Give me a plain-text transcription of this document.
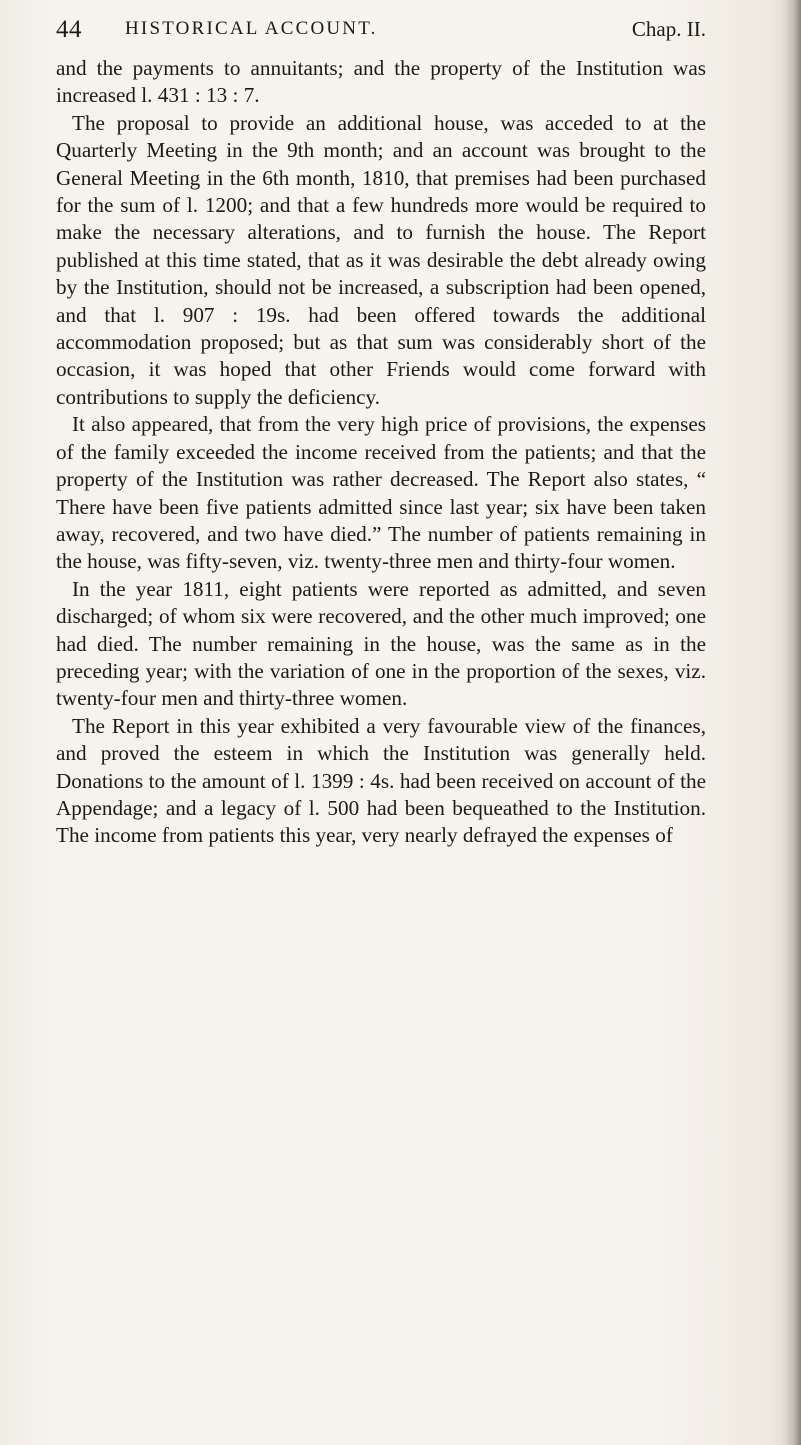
44 HISTORICAL ACCOUNT.	Chap. II.

and the payments to annuitants; and the property of the Institution was increased l. 431 : 13 : 7.

The proposal to provide an additional house, was acceded to at the Quarterly Meeting in the 9th month; and an account was brought to the General Meeting in the 6th month, 1810, that premises had been purchased for the sum of l. 1200; and that a few hundreds more would be required to make the necessary alterations, and to furnish the house. The Report published at this time stated, that as it was desirable the debt already owing by the Institution, should not be increased, a subscription had been opened, and that l. 907 : 19s. had been offered towards the additional accommodation proposed; but as that sum was considerably short of the occasion, it was hoped that other Friends would come forward with contributions to supply the deficiency.

It also appeared, that from the very high price of provisions, the expenses of the family exceeded the income received from the patients; and that the property of the Institution was rather decreased. The Report also states, “ There have been five patients admitted since last year; six have been taken away, recovered, and two have died.” The number of patients remaining in the house, was fifty-seven, viz. twenty-three men and thirty-four women.

In the year 1811, eight patients were reported as admitted, and seven discharged; of whom six were recovered, and the other much improved; one had died. The number remaining in the house, was the same as in the preceding year; with the variation of one in the proportion of the sexes, viz. twenty-four men and thirty-three women.

The Report in this year exhibited a very favourable view of the finances, and proved the esteem in which the Institution was generally held. Donations to the amount of l. 1399 : 4s. had been received on account of the Appendage; and a legacy of l. 500 had been bequeathed to the Institution. The income from patients this year, very nearly defrayed the expenses of
